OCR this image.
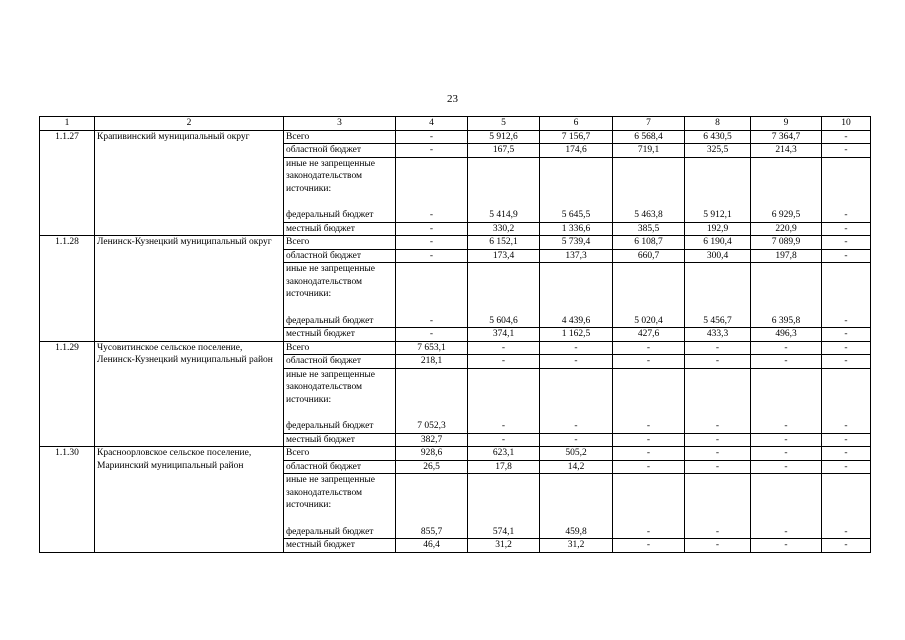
23
1	2	3	4	5	6	7	8	9	10
1.1.27	Крапивинский муниципальный округ	Всего	-	5 912,6	7 156,7	6 568,4	6 430,5	7 364,7	-
		областной бюджет	-	167,5	174,6	719,1	325,5	214,3	-

		иные не запрещенные законодательством источники:
федеральный бюджет	-	5 414,9	5 645,5	5 463,8	5 912,1	6 929,5	-
		местный бюджет	-	330,2	1 336,6	385,5	192,9	220,9	-
1.1.28	Ленинск-Кузнецкий муниципальный округ	Всего	-	6 152,1	5 739,4	6 108,7	6 190,4	7 089,9	-
		областной бюджет	-	173,4	137,3	660,7	300,4	197,8	-

		иные не запрещенные законодательством источники:
федеральный бюджет	-	5 604,6	4 439,6	5 020,4	5 456,7	6 395,8	-
		местный бюджет	-	374,1	1 162,5	427,6	433,3	496,3	-
1.1.29	Чусовитинское сельское поселение, Ленинск-Кузнецкий муниципальный район	Всего	7 653,1	-	-	-	-	-	-
		областной бюджет	218,1	-	-	-	-	-	-

		иные не запрещенные законодательством источники:
федеральный бюджет	7 052,3	-	-	-	-	-	-
		местный бюджет	382,7	-	-	-	-	-	-
1.1.30	Красноорловское сельское поселение, Мариинский муниципальный район	Всего	928,6	623,1	505,2	-	-	-	-
		областной бюджет	26,5	17,8	14,2	-	-	-	-

		иные не запрещенные законодательством источники:
федеральный бюджет	855,7	574,1	459,8	-	-	-	-
		местный бюджет	46,4	31,2	31,2	-	-	-	-
